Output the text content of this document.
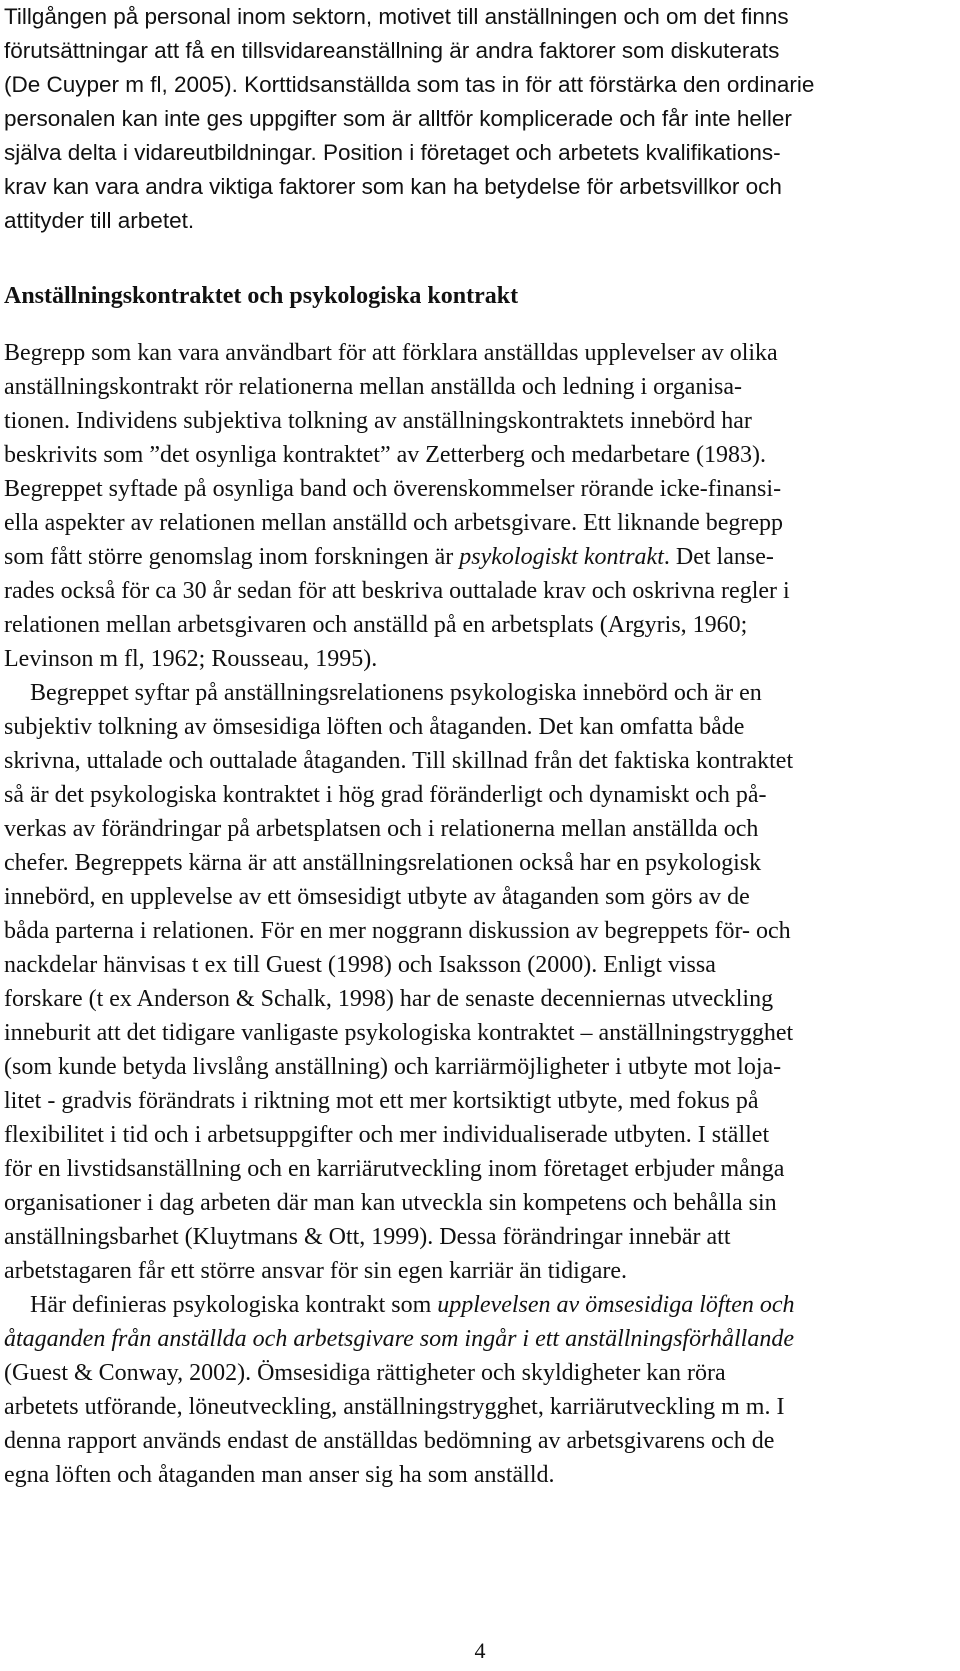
Tillgången på personal inom sektorn, motivet till anställningen och om det finns

förutsättningar att få en tillsvidareanställning är andra faktorer som diskuterats

(De Cuyper m fl, 2005). Korttidsanställda som tas in för att förstärka den ordinarie

personalen kan inte ges uppgifter som är alltför komplicerade och får inte heller

själva delta i vidareutbildningar. Position i företaget och arbetets kvalifikations-

krav kan vara andra viktiga faktorer som kan ha betydelse för arbetsvillkor och

attityder till arbetet.

Anställningskontraktet och psykologiska kontrakt

Begrepp som kan vara användbart för att förklara anställdas upplevelser av olika

anställningskontrakt rör relationerna mellan anställda och ledning i organisa-

tionen. Individens subjektiva tolkning av anställningskontraktets innebörd har

beskrivits som ”det osynliga kontraktet” av Zetterberg och medarbetare (1983).

Begreppet syftade på osynliga band och överenskommelser rörande icke-finansi-

ella aspekter av relationen mellan anställd och arbetsgivare. Ett liknande begrepp

som fått större genomslag inom forskningen är psykologiskt kontrakt. Det lanse-

rades också för ca 30 år sedan för att beskriva outtalade krav och oskrivna regler i

relationen mellan arbetsgivaren och anställd på en arbetsplats (Argyris, 1960;

Levinson m fl, 1962; Rousseau, 1995).

Begreppet syftar på anställningsrelationens psykologiska innebörd och är en

subjektiv tolkning av ömsesidiga löften och åtaganden. Det kan omfatta både

skrivna, uttalade och outtalade åtaganden. Till skillnad från det faktiska kontraktet

så är det psykologiska kontraktet i hög grad föränderligt och dynamiskt och på-

verkas av förändringar på arbetsplatsen och i relationerna mellan anställda och

chefer. Begreppets kärna är att anställningsrelationen också har en psykologisk

innebörd, en upplevelse av ett ömsesidigt utbyte av åtaganden som görs av de

båda parterna i relationen. För en mer noggrann diskussion av begreppets för- och

nackdelar hänvisas t ex till Guest (1998) och Isaksson (2000). Enligt vissa

forskare (t ex Anderson & Schalk, 1998) har de senaste decenniernas utveckling

inneburit att det tidigare vanligaste psykologiska kontraktet – anställningstrygghet

(som kunde betyda livslång anställning) och karriärmöjligheter i utbyte mot loja-

litet - gradvis förändrats i riktning mot ett mer kortsiktigt utbyte, med fokus på

flexibilitet i tid och i arbetsuppgifter och mer individualiserade utbyten. I stället

för en livstidsanställning och en karriärutveckling inom företaget erbjuder många

organisationer i dag arbeten där man kan utveckla sin kompetens och behålla sin

anställningsbarhet (Kluytmans & Ott, 1999). Dessa förändringar innebär att

arbetstagaren får ett större ansvar för sin egen karriär än tidigare.

Här definieras psykologiska kontrakt som upplevelsen av ömsesidiga löften och

åtaganden från anställda och arbetsgivare som ingår i ett anställningsförhållande

(Guest & Conway, 2002). Ömsesidiga rättigheter och skyldigheter kan röra

arbetets utförande, löneutveckling, anställningstrygghet, karriärutveckling m m. I

denna rapport används endast de anställdas bedömning av arbetsgivarens och de

egna löften och åtaganden man anser sig ha som anställd.

4
